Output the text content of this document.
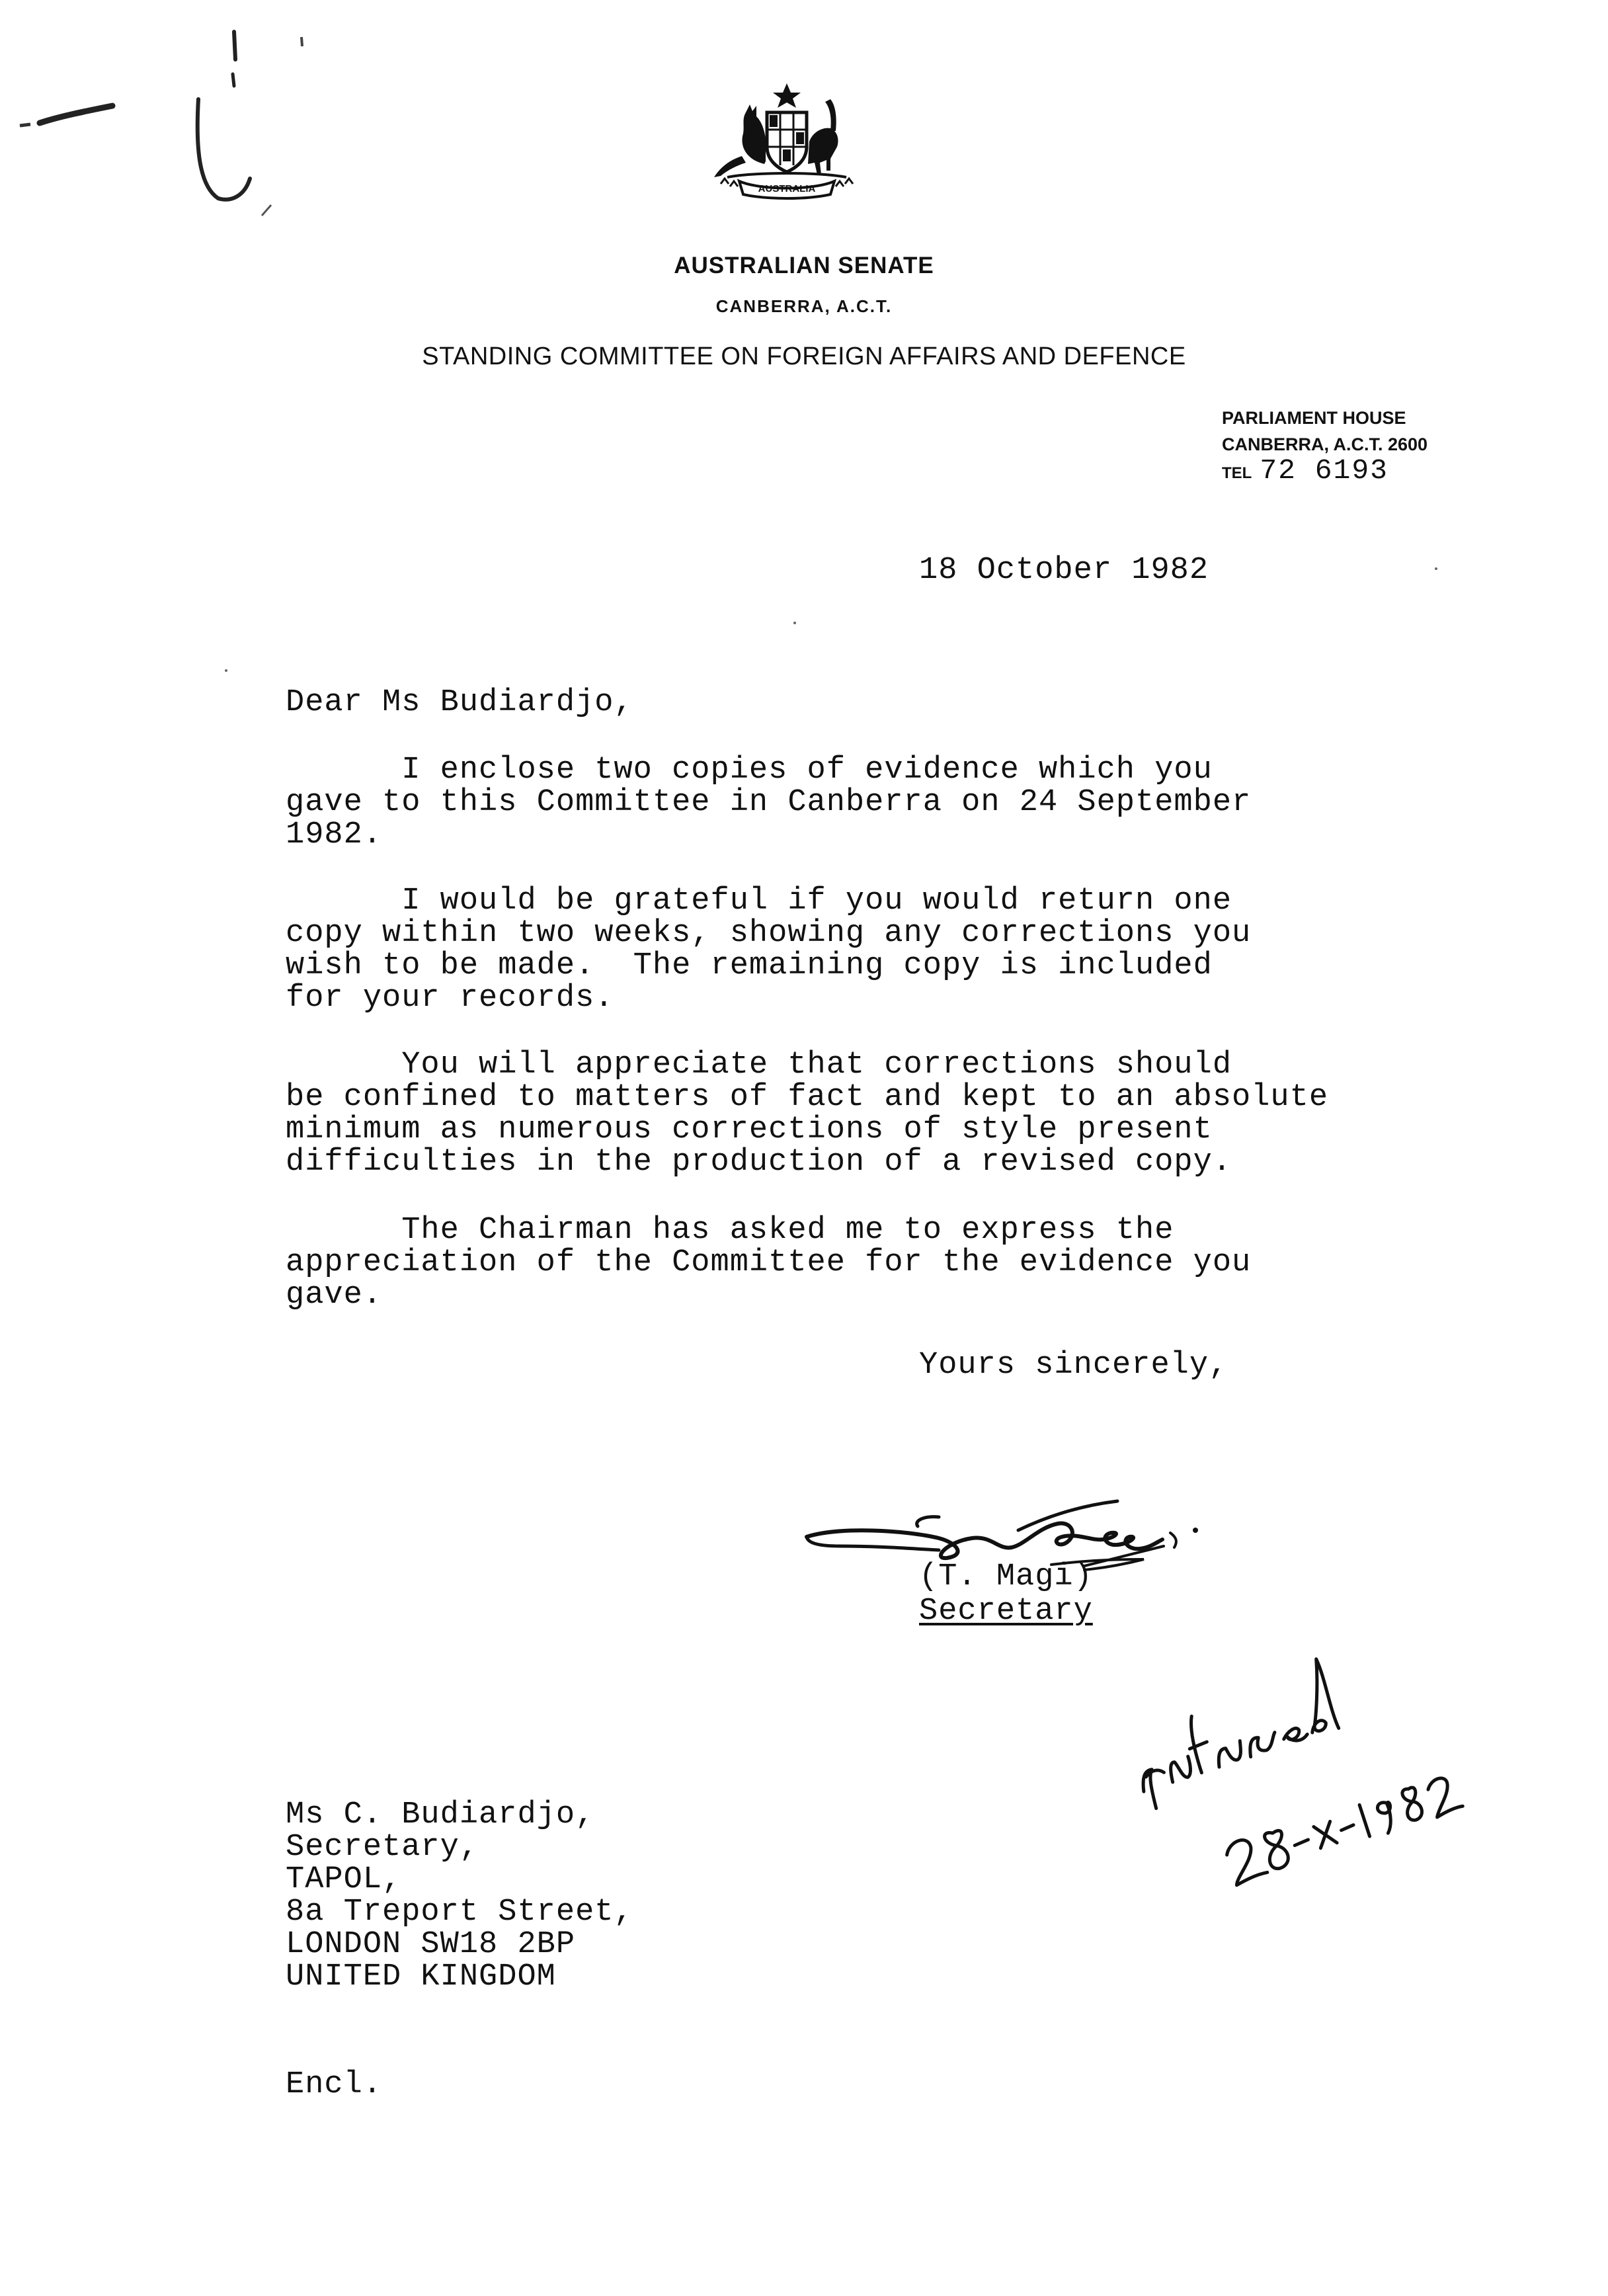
AUSTRALIA
AUSTRALIAN SENATE
CANBERRA, A.C.T.
STANDING COMMITTEE ON FOREIGN AFFAIRS AND DEFENCE
PARLIAMENT HOUSE
CANBERRA, A.C.T. 2600
TEL 72 6193
18 October 1982
Dear Ms Budiardjo,
I enclose two copies of evidence which you
gave to this Committee in Canberra on 24 September
1982.
I would be grateful if you would return one
copy within two weeks, showing any corrections you
wish to be made.  The remaining copy is included
for your records.
You will appreciate that corrections should
be confined to matters of fact and kept to an absolute
minimum as numerous corrections of style present
difficulties in the production of a revised copy.
The Chairman has asked me to express the
appreciation of the Committee for the evidence you
gave.
Yours sincerely,
(T. Magi)
Secretary
Ms C. Budiardjo,
Secretary,
TAPOL,
8a Treport Street,
LONDON SW18 2BP
UNITED KINGDOM
Encl.
